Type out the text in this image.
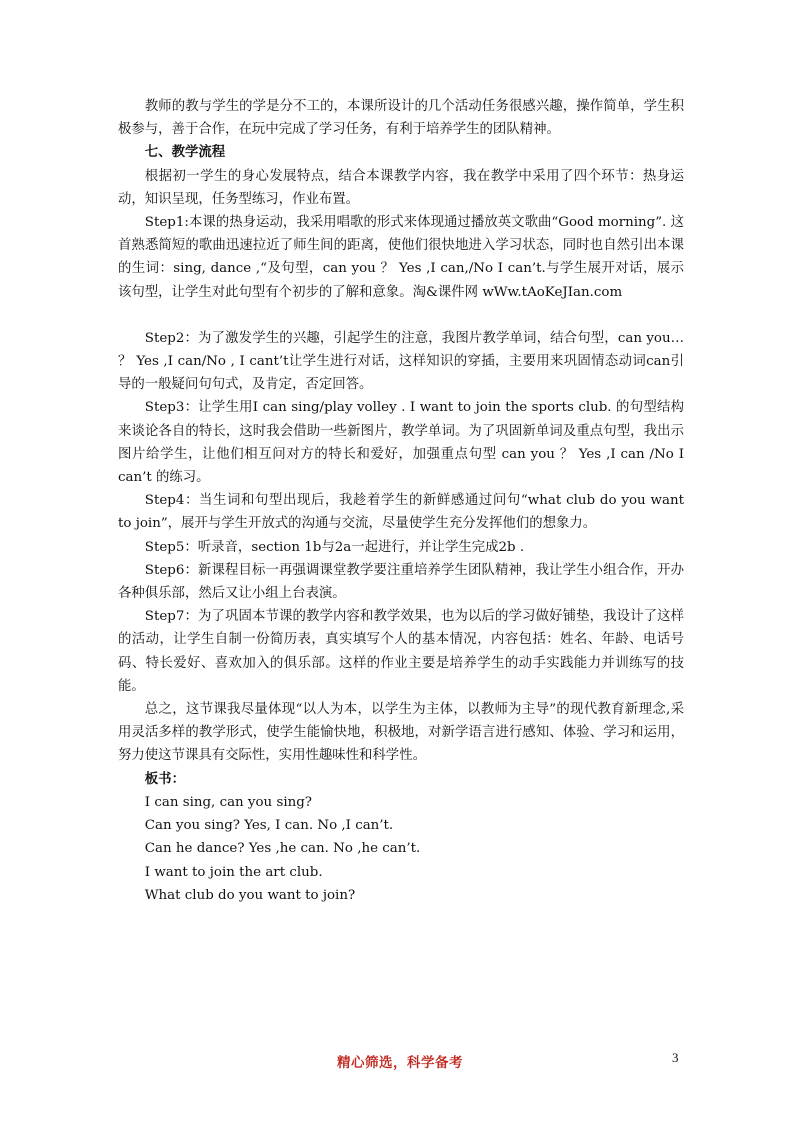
教师的教与学生的学是分不工的，本课所设计的几个活动任务很感兴趣，操作简单，学生积极参与，善于合作，在玩中完成了学习任务，有利于培养学生的团队精神。

七、教学流程

根据初一学生的身心发展特点，结合本课教学内容，我在教学中采用了四个环节：热身运动，知识呈现，任务型练习，作业布置。

Step1:本课的热身运动，我采用唱歌的形式来体现通过播放英文歌曲“Good morning”. 这首熟悉简短的歌曲迅速拉近了师生间的距离，使他们很快地进入学习状态，同时也自然引出本课的生词：sing, dance ,“及句型，can you ？ Yes ,I can,/No I can’t.与学生展开对话，展示该句型，让学生对此句型有个初步的了解和意象。淘&课件网 wWw.tAoKeJIan.com

Step2：为了激发学生的兴趣，引起学生的注意，我图片教学单词，结合句型，can you… ？ Yes ,I can/No , I cant’t让学生进行对话，这样知识的穿插，主要用来巩固情态动词can引导的一般疑问句句式，及肯定，否定回答。

Step3：让学生用I can sing/play volley . I want to join the sports club. 的句型结构来谈论各自的特长，这时我会借助一些新图片，教学单词。为了巩固新单词及重点句型，我出示图片给学生，让他们相互问对方的特长和爱好，加强重点句型 can you ？ Yes ,I can /No I can’t 的练习。

Step4：当生词和句型出现后，我趁着学生的新鲜感通过问句“what club do you want to join”，展开与学生开放式的沟通与交流，尽量使学生充分发挥他们的想象力。

Step5：听录音，section 1b与2a一起进行，并让学生完成2b .

Step6：新课程目标一再强调课堂教学要注重培养学生团队精神，我让学生小组合作，开办各种俱乐部，然后又让小组上台表演。

Step7：为了巩固本节课的教学内容和教学效果，也为以后的学习做好铺垫，我设计了这样的活动，让学生自制一份简历表，真实填写个人的基本情况，内容包括：姓名、年龄、电话号码、特长爱好、喜欢加入的俱乐部。这样的作业主要是培养学生的动手实践能力并训练写的技能。

总之，这节课我尽量体现“以人为本，以学生为主体，以教师为主导”的现代教育新理念,采用灵活多样的教学形式，使学生能愉快地，积极地，对新学语言进行感知、体验、学习和运用，努力使这节课具有交际性，实用性趣味性和科学性。

板书：

I can sing, can you sing?

Can you sing? Yes, I can. No ,I can’t.

Can he dance? Yes ,he can. No ,he can’t.

I want to join the art club.

What club do you want to join?

精心筛选，科学备考	3
